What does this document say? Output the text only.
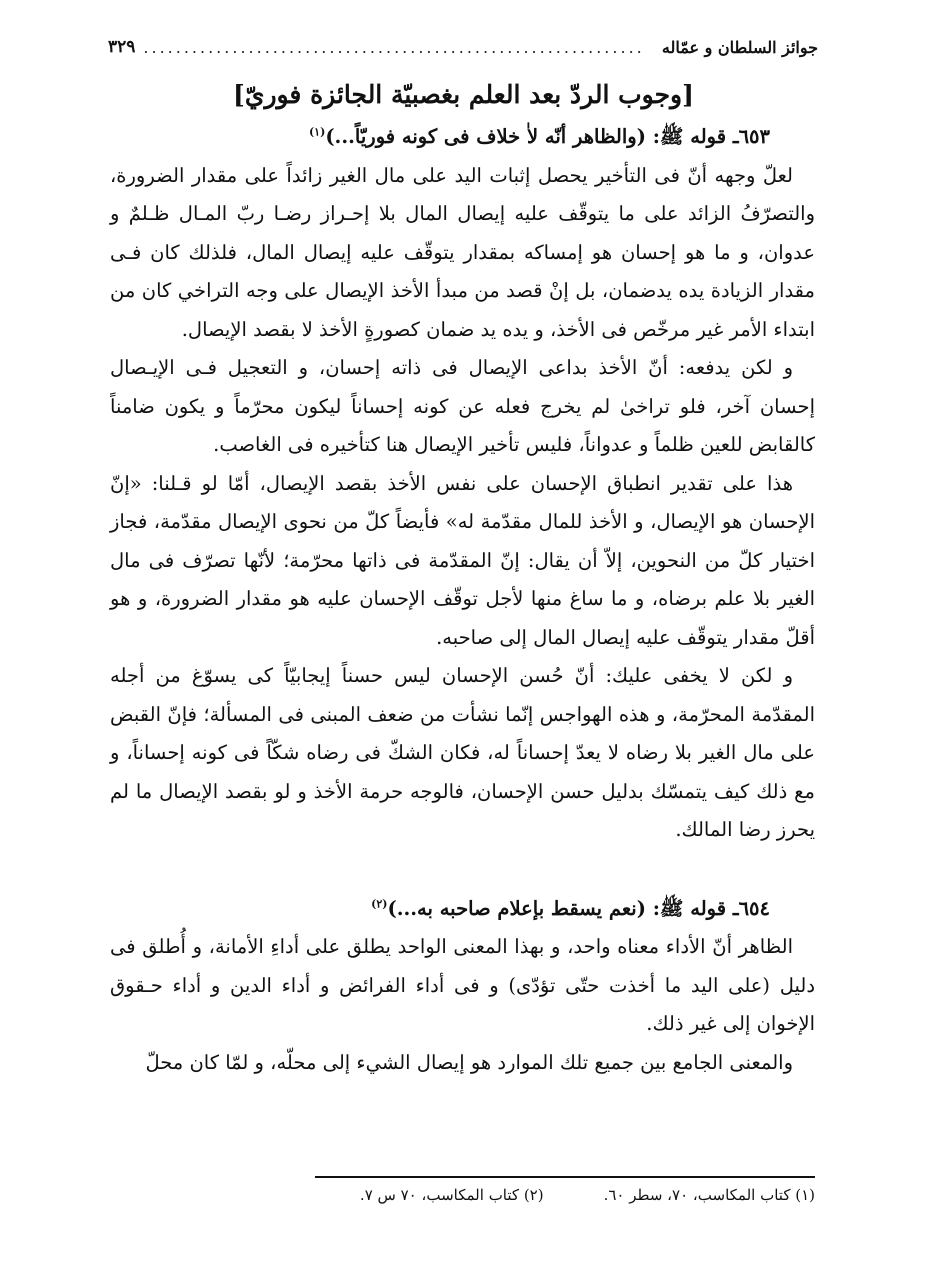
جوائز السلطان و عمّاله
..............................................................
٣٢٩
[وجوب الردّ بعد العلم بغصبيّة الجائزة فوريّ]

٦٥٣ـ قوله ﷺ: (والظاهر أنّه لاٰ خلاف فى كونه فوريّاً...)$^{(١)}$

لعلّ وجهه أنّ فى التأخير يحصل إثبات اليد على مال الغير زائداً على مقدار الضرورة، والتصرّفُ الزائد على ما يتوقّف عليه إيصال المال بلا إحـراز رضـا ربّ المـال ظـلمٌ و عدوان، و ما هو إحسان هو إمساكه بمقدار يتوقّف عليه إيصال المال، فلذلك كان فـى مقدار الزيادة يده يدضمان، بل إنْ قصد من مبدأ الأخذ الإيصال على وجه التراخي كان من ابتداء الأمر غير مرخّص فى الأخذ، و يده يد ضمان كصورةٍ الأخذ لا بقصد الإيصال.

و لكن يدفعه: أنّ الأخذ بداعى الإيصال فى ذاته إحسان، و التعجيل فـى الإيـصال إحسان آخر، فلو تراخىٰ لم يخرج فعله عن كونه إحساناً ليكون محرّماً و يكون ضامناً كالقابض للعين ظلماً و عدواناً، فليس تأخير الإيصال هنا كتأخيره فى الغاصب.

هذا على تقدير انطباق الإحسان على نفس الأخذ بقصد الإيصال، أمّا لو قـلنا: «إنّ الإحسان هو الإيصال، و الأخذ للمال مقدّمة له» فأيضاً كلّ من نحوى الإيصال مقدّمة، فجاز اختيار كلّ من النحوين، إلاّ أن يقال: إنّ المقدّمة فى ذاتها محرّمة؛ لأنّها تصرّف فى مال الغير بلا علم برضاه، و ما ساغ منها لأجل توقّف الإحسان عليه هو مقدار الضرورة، و هو أقلّ مقدار يتوقّف عليه إيصال المال إلى صاحبه.

و لكن لا يخفى عليك: أنّ حُسن الإحسان ليس حسناً إيجابيّاً كى يسوّغ من أجله المقدّمة المحرّمة، و هذه الهواجس إنّما نشأت من ضعف المبنى فى المسألة؛ فإنّ القبض على مال الغير بلا رضاه لا يعدّ إحساناً له، فكان الشكّ فى رضاه شكّاً فى كونه إحساناً، و مع ذلك كيف يتمسّك بدليل حسن الإحسان، فالوجه حرمة الأخذ و لو بقصد الإيصال ما لم يحرز رضا المالك.

٦٥٤ـ قوله ﷺ: (نعم يسقط بإعلام صاحبه به...)$^{(٢)}$

الظاهر أنّ الأداء معناه واحد، و بهذا المعنى الواحد يطلق على أداءِ الأمانة، و أُطلق فى دليل (على اليد ما أخذت حتّى تؤدّى) و فى أداء الفرائض و أداء الدين و أداء حـقوق الإخوان إلى غير ذلك.

والمعنى الجامع بين جميع تلك الموارد هو إيصال الشيء إلى محلّه، و لمّا كان محلّ

(١) كتاب المكاسب، ٧٠، سطر ٦٠.
(٢) كتاب المكاسب، ٧٠ س ٧.
